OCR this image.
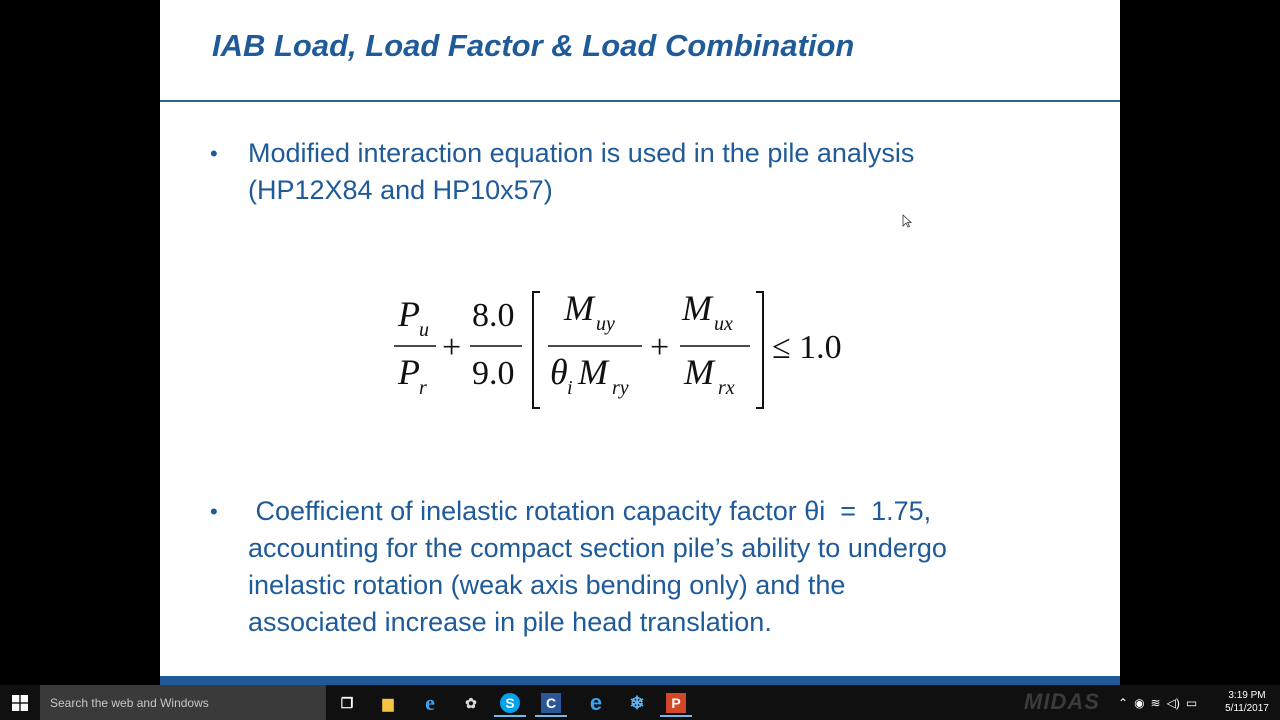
IAB Load, Load Factor & Load Combination
•	Modified interaction equation is used in the pile analysis
(HP12X84 and HP10x57)
P u
P r
+
8.0
9.0
M uy
θ i M ry
+
M ux
M rx
≤ 1.0
•	Coefficient of inelastic rotation capacity factor θi  =  1.75,
accounting for the compact section pile’s ability to undergo
inelastic rotation (weak axis bending only) and the
associated increase in pile head translation.
Search the web and Windows	❐	▆	e	✿	S	C	e	❄	P	MIDAS	⌃ ◉ ≋ ◁) ▭	3:19 PM
5/11/2017
